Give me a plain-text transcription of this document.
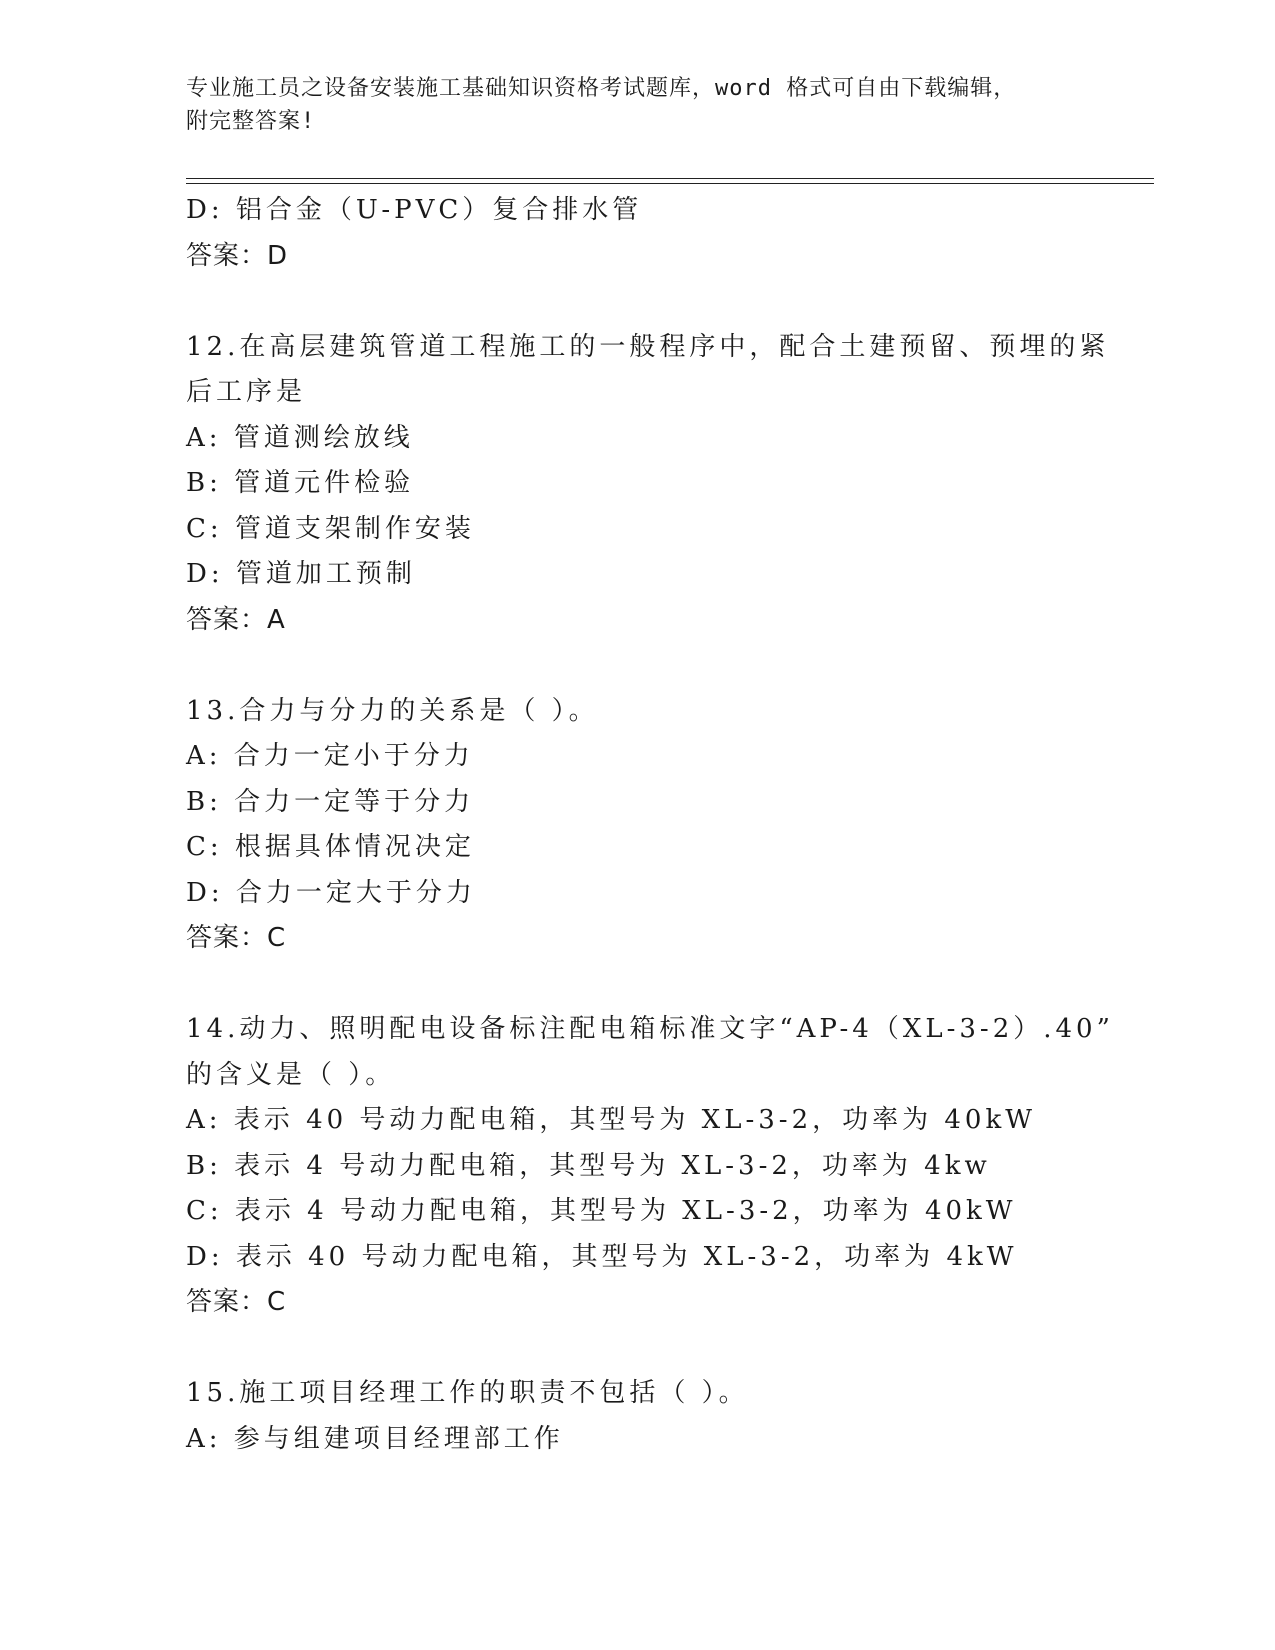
专业施工员之设备安装施工基础知识资格考试题库，word 格式可自由下载编辑，
附完整答案!
D: 铝合金（U-PVC）复合排水管
答案：D
12.在高层建筑管道工程施工的一般程序中，配合土建预留、预埋的紧
后工序是
A: 管道测绘放线
B: 管道元件检验
C: 管道支架制作安装
D: 管道加工预制
答案：A
13.合力与分力的关系是（ ）。
A: 合力一定小于分力
B: 合力一定等于分力
C: 根据具体情况决定
D: 合力一定大于分力
答案：C
14.动力、照明配电设备标注配电箱标准文字“AP-4（XL-3-2）.40”
的含义是（ ）。
A: 表示 40 号动力配电箱，其型号为 XL-3-2，功率为 40kW
B: 表示 4 号动力配电箱，其型号为 XL-3-2，功率为 4kw
C: 表示 4 号动力配电箱，其型号为 XL-3-2，功率为 40kW
D: 表示 40 号动力配电箱，其型号为 XL-3-2，功率为 4kW
答案：C
15.施工项目经理工作的职责不包括（ ）。
A: 参与组建项目经理部工作
